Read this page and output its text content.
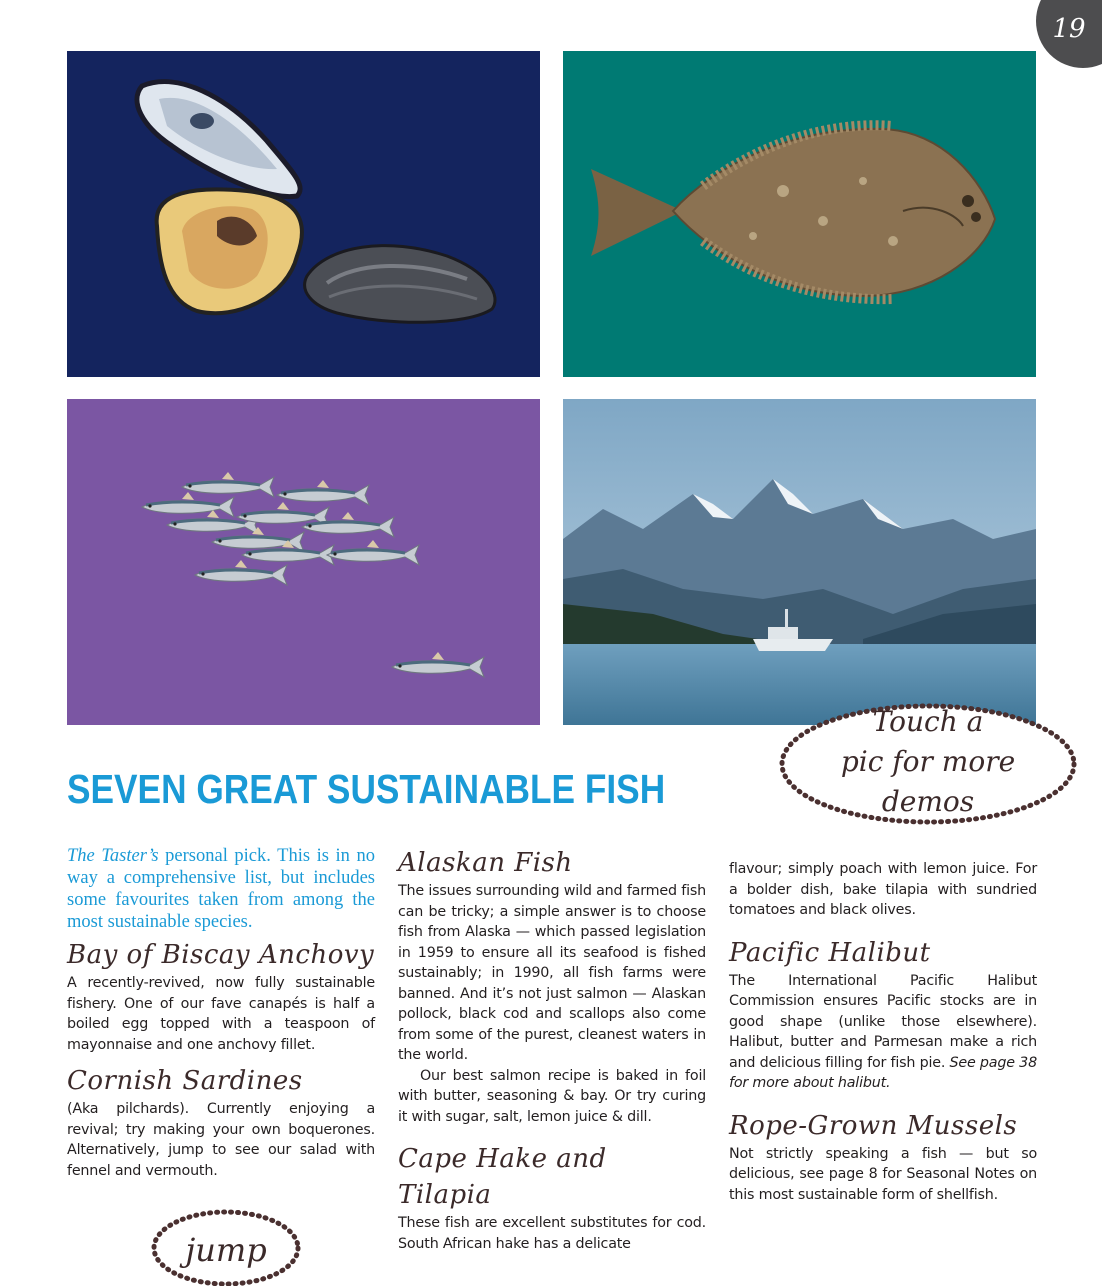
19
Touch a
pic for more
demos
SEVEN GREAT SUSTAINABLE FISH

The Taster’s personal pick. This is in no way a comprehensive list, but includes some favourites taken from among the most sustainable species.

Bay of Biscay Anchovy

A recently-revived, now fully sustainable fishery. One of our fave canapés is half a boiled egg topped with a teaspoon of mayonnaise and one anchovy fillet.

Cornish Sardines

(Aka pilchards). Currently enjoying a revival; try making your own boquerones. Alternatively, jump to see our salad with fennel and vermouth.

Alaskan Fish

The issues surrounding wild and farmed fish can be tricky; a simple answer is to choose fish from Alaska — which passed legislation in 1959 to ensure all its seafood is fished sustainably; in 1990, all fish farms were banned. And it’s not just salmon — Alaskan pollock, black cod and scallops also come from some of the purest, cleanest waters in the world.

Our best salmon recipe is baked in foil with butter, seasoning & bay. Or try curing it with sugar, salt, lemon juice & dill.

Cape Hake and Tilapia

These fish are excellent substitutes for cod. South African hake has a delicate

flavour; simply poach with lemon juice. For a bolder dish, bake tilapia with sundried tomatoes and black olives.

Pacific Halibut

The International Pacific Halibut Commission ensures Pacific stocks are in good shape (unlike those elsewhere). Halibut, butter and Parmesan make a rich and delicious filling for fish pie. See page 38 for more about halibut.

Rope-Grown Mussels

Not strictly speaking a fish — but so delicious, see page 8 for Seasonal Notes on this most sustainable form of shellfish.

jump
